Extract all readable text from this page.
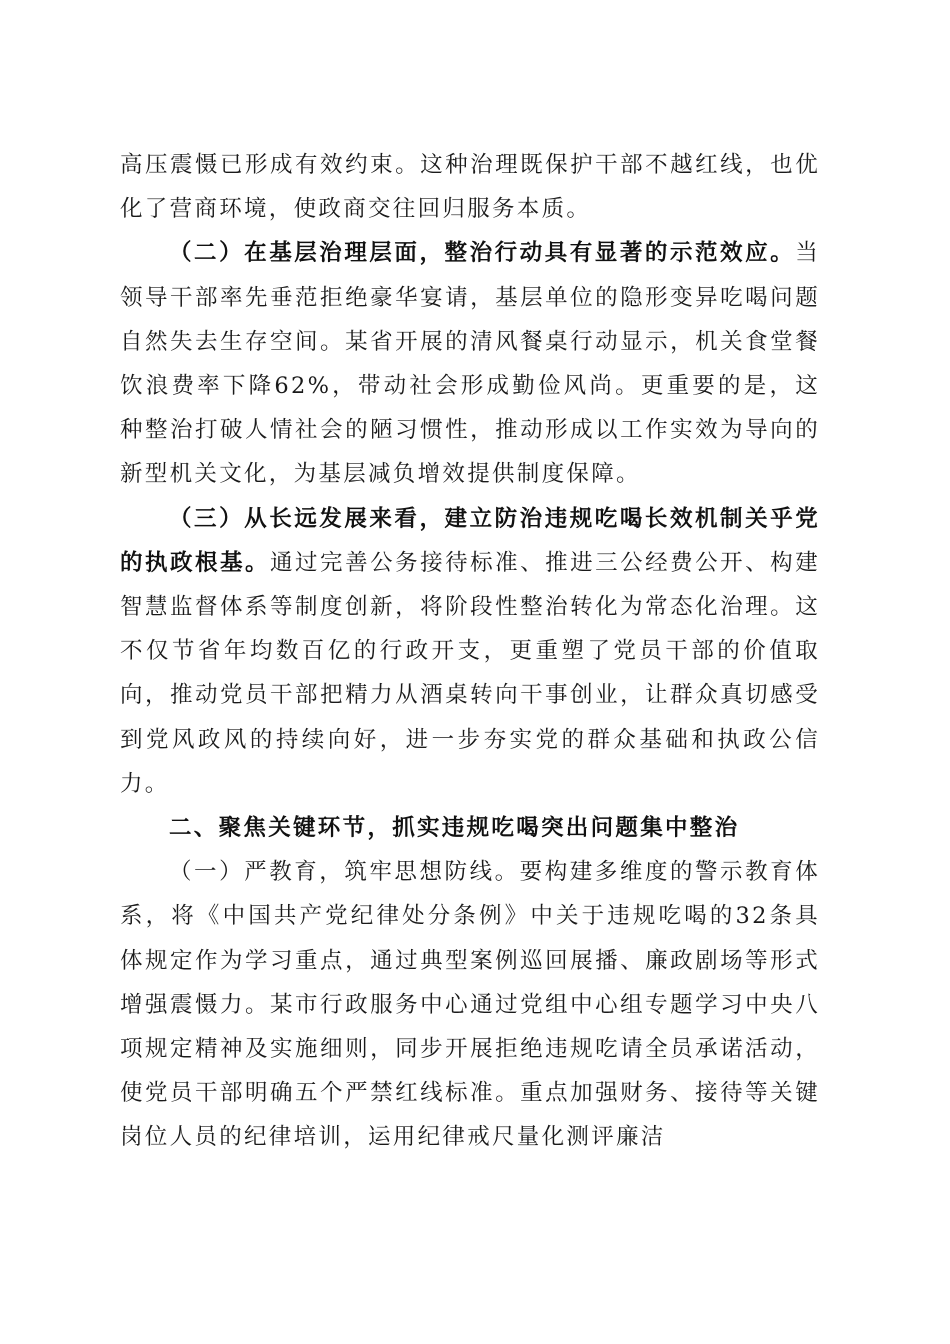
高压震慑已形成有效约束。这种治理既保护干部不越红线，也优化了营商环境，使政商交往回归服务本质。

（二）在基层治理层面，整治行动具有显著的示范效应。当领导干部率先垂范拒绝豪华宴请，基层单位的隐形变异吃喝问题自然失去生存空间。某省开展的清风餐桌行动显示，机关食堂餐饮浪费率下降62%，带动社会形成勤俭风尚。更重要的是，这种整治打破人情社会的陋习惯性，推动形成以工作实效为导向的新型机关文化，为基层减负增效提供制度保障。

（三）从长远发展来看，建立防治违规吃喝长效机制关乎党的执政根基。通过完善公务接待标准、推进三公经费公开、构建智慧监督体系等制度创新，将阶段性整治转化为常态化治理。这不仅节省年均数百亿的行政开支，更重塑了党员干部的价值取向，推动党员干部把精力从酒桌转向干事创业，让群众真切感受到党风政风的持续向好，进一步夯实党的群众基础和执政公信力。

二、聚焦关键环节，抓实违规吃喝突出问题集中整治

（一）严教育，筑牢思想防线。要构建多维度的警示教育体系，将《中国共产党纪律处分条例》中关于违规吃喝的32条具体规定作为学习重点，通过典型案例巡回展播、廉政剧场等形式增强震慑力。某市行政服务中心通过党组中心组专题学习中央八项规定精神及实施细则，同步开展拒绝违规吃请全员承诺活动，使党员干部明确五个严禁红线标准。重点加强财务、接待等关键岗位人员的纪律培训，运用纪律戒尺量化测评廉洁
